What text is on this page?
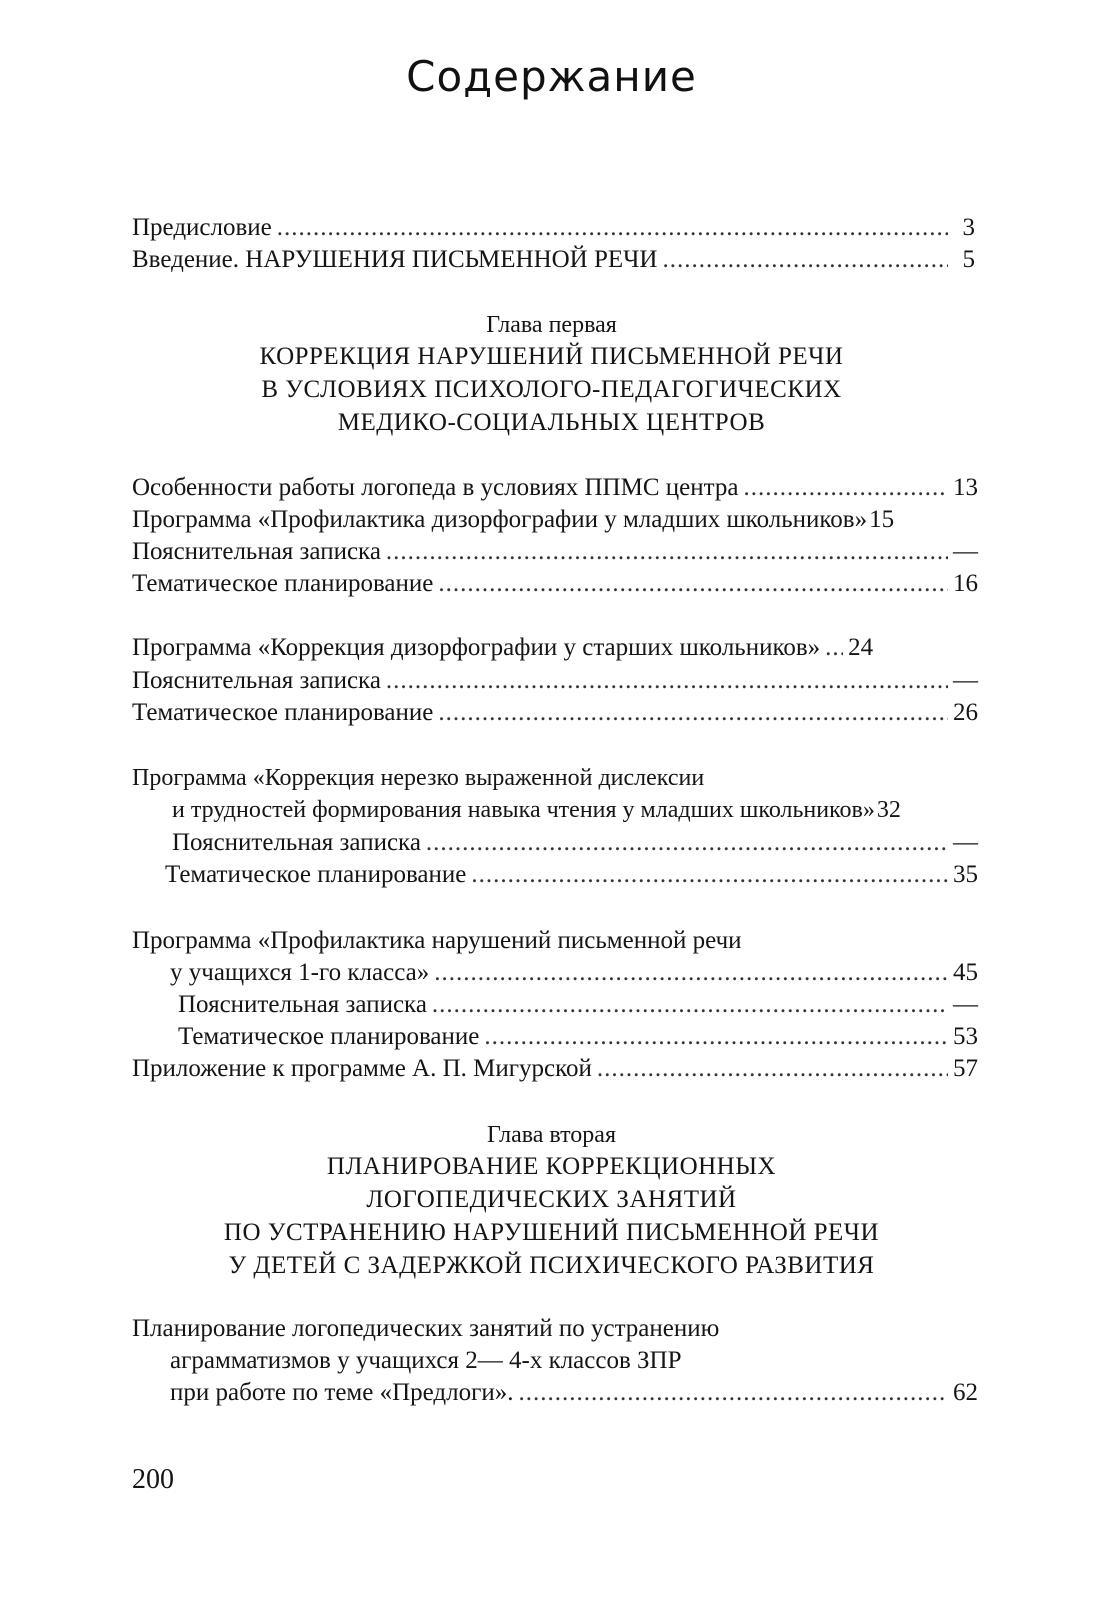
Содержание
Предисловие .....	3
Введение. НАРУШЕНИЯ ПИСЬМЕННОЙ РЕЧИ .....	5
Глава первая
КОРРЕКЦИЯ НАРУШЕНИЙ ПИСЬМЕННОЙ РЕЧИ
В УСЛОВИЯХ ПСИХОЛОГО-ПЕДАГОГИЧЕСКИХ
МЕДИКО-СОЦИАЛЬНЫХ ЦЕНТРОВ
Особенности работы логопеда в условиях ППМС центра .....	13
Программа «Профилактика дизорфографии у младших школьников» 15
Пояснительная записка .....	—
Тематическое планирование .....	16
Программа «Коррекция дизорфографии у старших школьников» ..... 24
Пояснительная записка .....	—
Тематическое планирование .....	26
Программа «Коррекция нерезко выраженной дислексии
и трудностей формирования навыка чтения у младших школьников» 32
Пояснительная записка .....	—
Тематическое планирование .....	35
Программа «Профилактика нарушений письменной речи
у учащихся 1-го класса» .....	45
Пояснительная записка .....	—
Тематическое планирование .....	53
Приложение к программе А. П. Мигурской .....	57
Глава вторая
ПЛАНИРОВАНИЕ КОРРЕКЦИОННЫХ
ЛОГОПЕДИЧЕСКИХ ЗАНЯТИЙ
ПО УСТРАНЕНИЮ НАРУШЕНИЙ ПИСЬМЕННОЙ РЕЧИ
У ДЕТЕЙ С ЗАДЕРЖКОЙ ПСИХИЧЕСКОГО РАЗВИТИЯ
Планирование логопедических занятий по устранению
аграмматизмов у учащихся 2— 4-х классов ЗПР
при работе по теме «Предлоги». .....	62
200
